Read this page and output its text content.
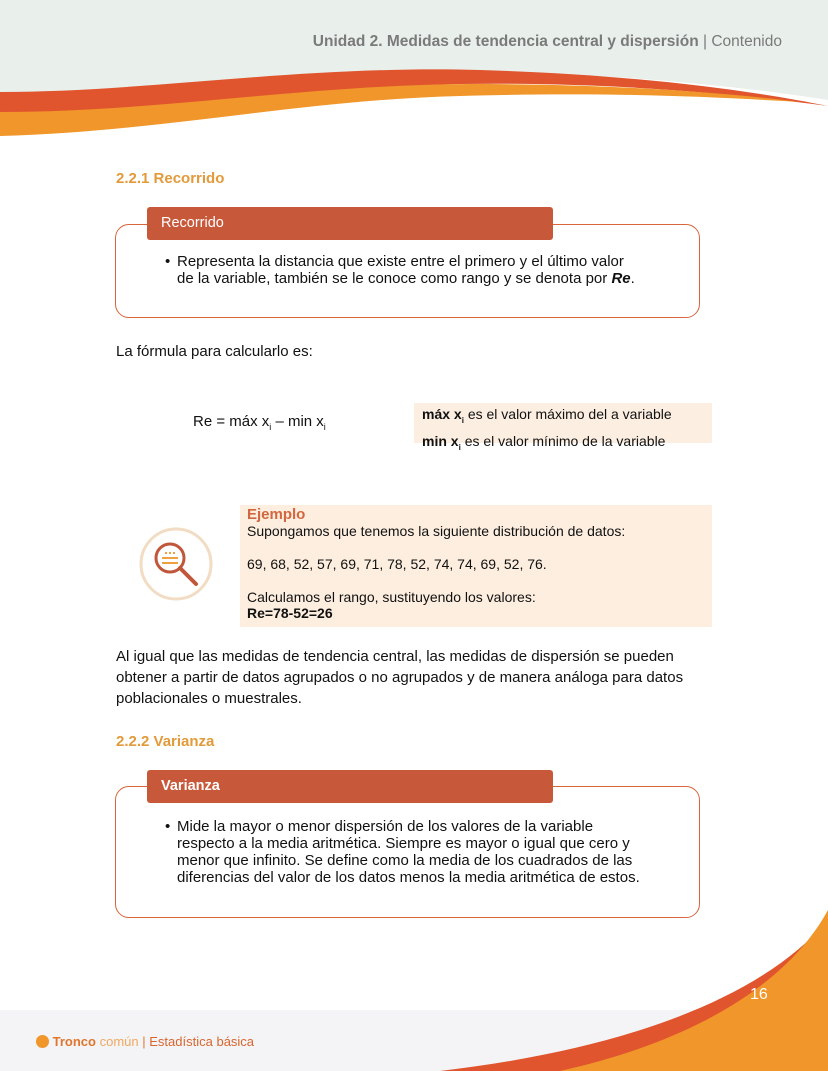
Unidad 2. Medidas de tendencia central y dispersión | Contenido
2.2.1 Recorrido
Recorrido
• Representa la distancia que existe entre el primero y el último valor de la variable, también se le conoce como rango y se denota por Re.
La fórmula para calcularlo es:
Re = máx $x_i$ – $\min x_i$
máx $x_i$ es el valor máximo del a variable
$\min x_i$ es el valor mínimo de la variable
Ejemplo
Supongamos que tenemos la siguiente distribución de datos:
69, 68, 52, 57, 69, 71, 78, 52, 74, 74, 69, 52, 76.
Calculamos el rango, sustituyendo los valores:
Re=78-52=26
Al igual que las medidas de tendencia central, las medidas de dispersión se pueden obtener a partir de datos agrupados o no agrupados y de manera análoga para datos poblacionales o muestrales.
2.2.2 Varianza
Varianza
• Mide la mayor o menor dispersión de los valores de la variable respecto a la media aritmética. Siempre es mayor o igual que cero y menor que infinito. Se define como la media de los cuadrados de las diferencias del valor de los datos menos la media aritmética de estos.
16
Tronco común | Estadística básica
